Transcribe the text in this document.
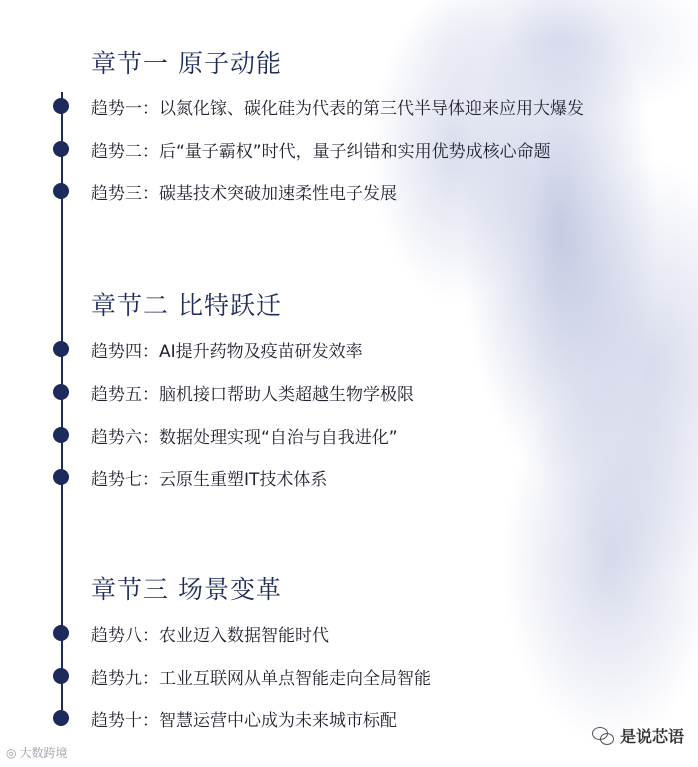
章节一 原子动能
趋势一：以氮化镓、碳化硅为代表的第三代半导体迎来应用大爆发
趋势二：后“量子霸权”时代，量子纠错和实用优势成核心命题
趋势三：碳基技术突破加速柔性电子发展
章节二 比特跃迁
趋势四：AI提升药物及疫苗研发效率
趋势五：脑机接口帮助人类超越生物学极限
趋势六：数据处理实现“自治与自我进化”
趋势七：云原生重塑IT技术体系
章节三 场景变革
趋势八：农业迈入数据智能时代
趋势九：工业互联网从单点智能走向全局智能
趋势十：智慧运营中心成为未来城市标配
◎ 大数跨境
是说芯语
